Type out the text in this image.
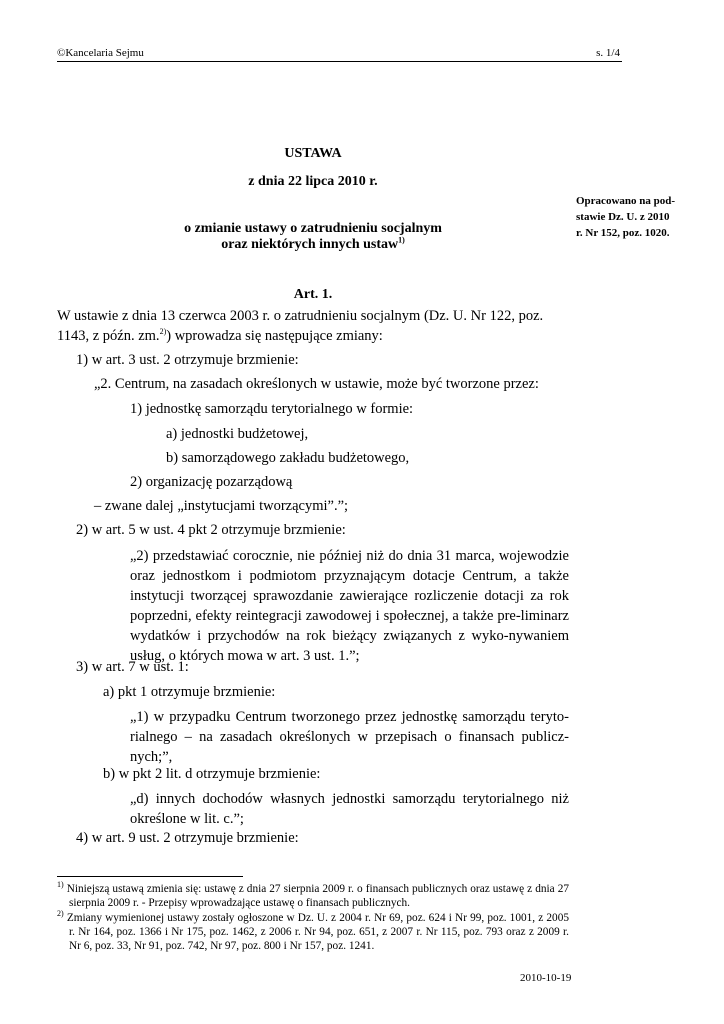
©Kancelaria Sejmu	s. 1/4
USTAWA
z dnia 22 lipca 2010 r.
o zmianie ustawy o zatrudnieniu socjalnym
oraz niektórych innych ustaw$^{1)}$
Opracowano na pod-
stawie Dz. U. z 2010
r. Nr 152, poz. 1020.
Art. 1.
W ustawie z dnia 13 czerwca 2003 r. o zatrudnieniu socjalnym (Dz. U. Nr 122, poz.
1143, z późn. zm.$^{2)}$) wprowadza się następujące zmiany:
1) w art. 3 ust. 2 otrzymuje brzmienie:
„2. Centrum, na zasadach określonych w ustawie, może być tworzone przez:
1) jednostkę samorządu terytorialnego w formie:
a) jednostki budżetowej,
b) samorządowego zakładu budżetowego,
2) organizację pozarządową
– zwane dalej „instytucjami tworzącymi”.”;
2) w art. 5 w ust. 4 pkt 2 otrzymuje brzmienie:
„2) przedstawiać corocznie, nie później niż do dnia 31 marca, wojewodzie oraz jednostkom i podmiotom przyznającym dotacje Centrum, a także instytucji tworzącej sprawozdanie zawierające rozliczenie dotacji za rok poprzedni, efekty reintegracji zawodowej i społecznej, a także pre-liminarz wydatków i przychodów na rok bieżący związanych z wyko-nywaniem usług, o których mowa w art. 3 ust. 1.”;
3) w art. 7 w ust. 1:
a) pkt 1 otrzymuje brzmienie:
„1) w przypadku Centrum tworzonego przez jednostkę samorządu teryto-rialnego – na zasadach określonych w przepisach o finansach publicz-nych;”,
b) w pkt 2 lit. d otrzymuje brzmienie:
„d) innych dochodów własnych jednostki samorządu terytorialnego niż określone w lit. c.”;
4) w art. 9 ust. 2 otrzymuje brzmienie:
$^{1)}$ Niniejszą ustawą zmienia się: ustawę z dnia 27 sierpnia 2009 r. o finansach publicznych oraz ustawę z dnia 27 sierpnia 2009 r. - Przepisy wprowadzające ustawę o finansach publicznych.
$^{2)}$ Zmiany wymienionej ustawy zostały ogłoszone w Dz. U. z 2004 r. Nr 69, poz. 624 i Nr 99, poz. 1001, z 2005 r. Nr 164, poz. 1366 i Nr 175, poz. 1462, z 2006 r. Nr 94, poz. 651, z 2007 r. Nr 115, poz. 793 oraz z 2009 r. Nr 6, poz. 33, Nr 91, poz. 742, Nr 97, poz. 800 i Nr 157, poz. 1241.
2010-10-19
